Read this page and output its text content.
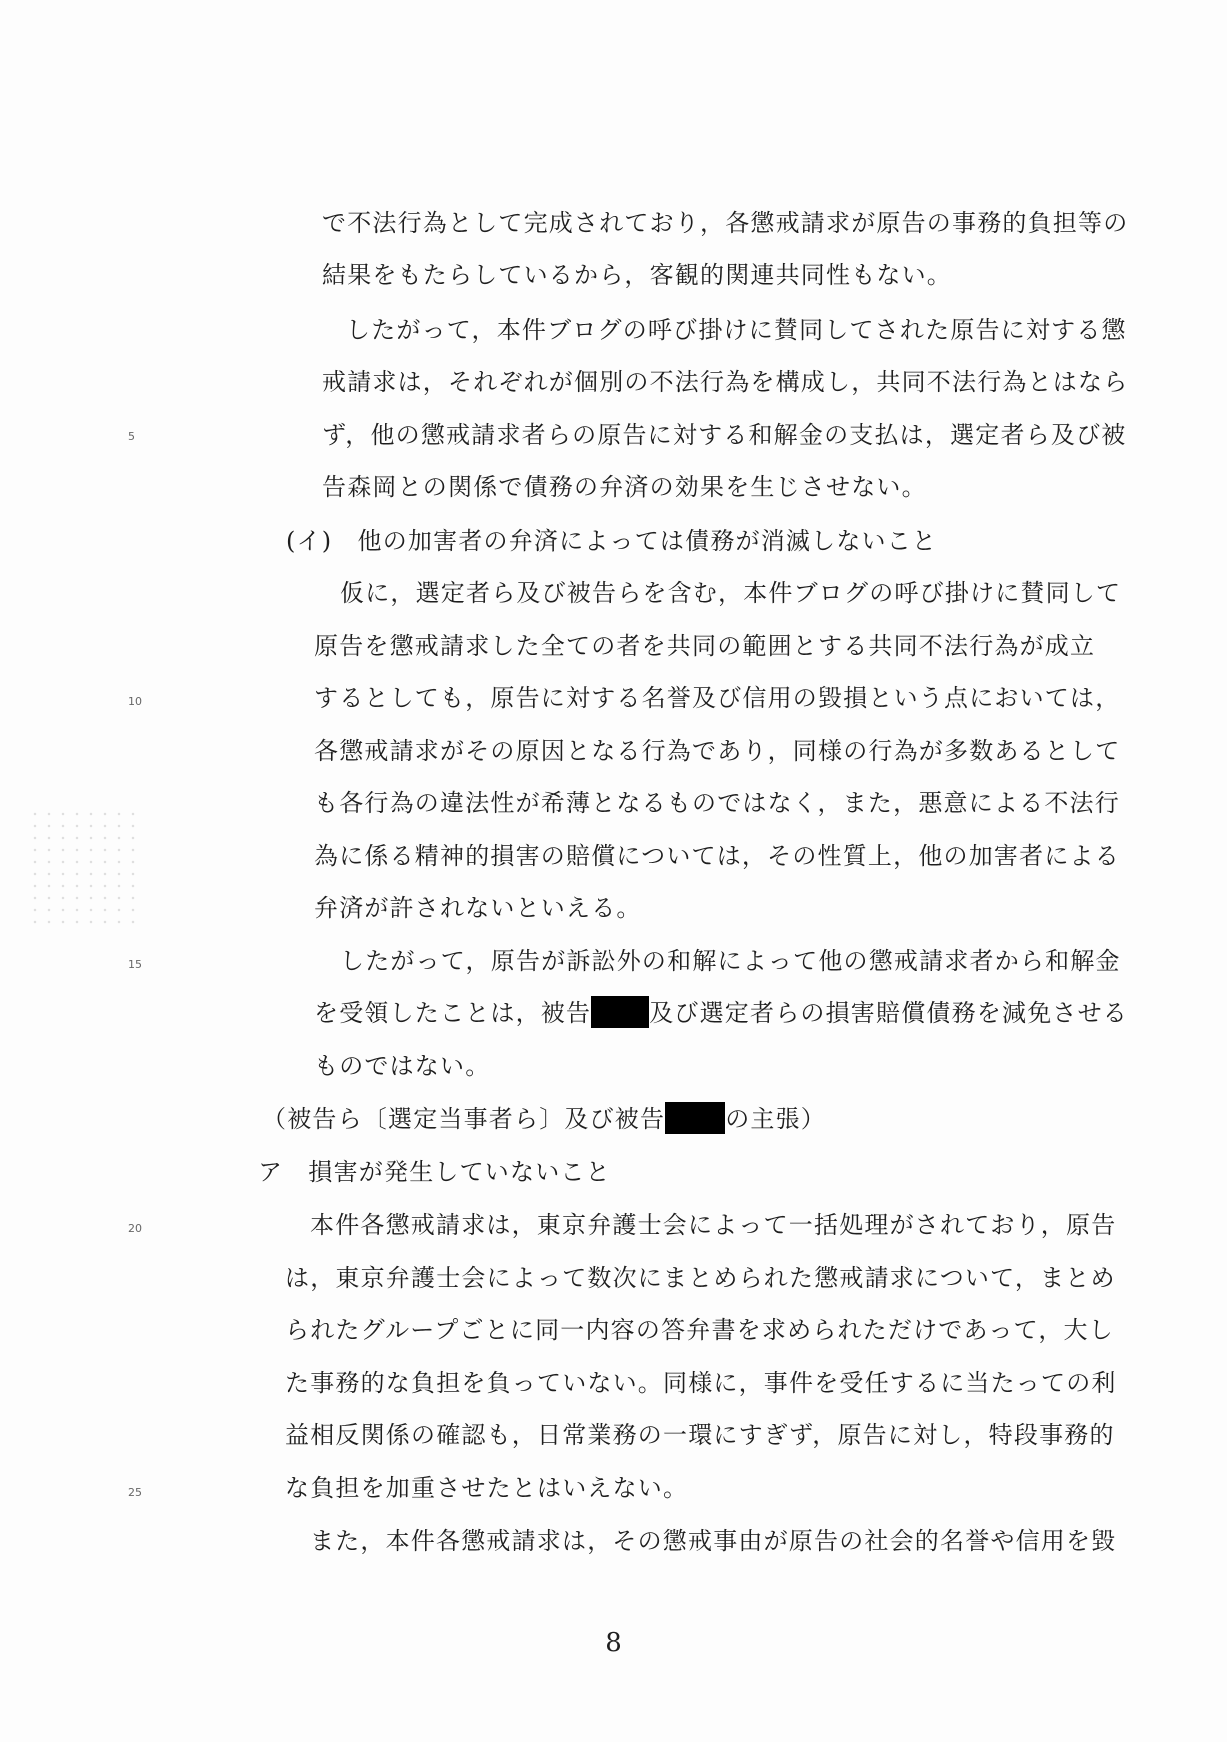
で不法行為として完成されており，各懲戒請求が原告の事務的負担等の
結果をもたらしているから，客観的関連共同性もない。
したがって，本件ブログの呼び掛けに賛同してされた原告に対する懲
戒請求は，それぞれが個別の不法行為を構成し，共同不法行為とはなら
ず，他の懲戒請求者らの原告に対する和解金の支払は，選定者ら及び被
告森岡との関係で債務の弁済の効果を生じさせない。
(イ)　他の加害者の弁済によっては債務が消滅しないこと
仮に，選定者ら及び被告らを含む，本件ブログの呼び掛けに賛同して
原告を懲戒請求した全ての者を共同の範囲とする共同不法行為が成立
するとしても，原告に対する名誉及び信用の毀損という点においては，
各懲戒請求がその原因となる行為であり，同様の行為が多数あるとして
も各行為の違法性が希薄となるものではなく，また，悪意による不法行
為に係る精神的損害の賠償については，その性質上，他の加害者による
弁済が許されないといえる。
したがって，原告が訴訟外の和解によって他の懲戒請求者から和解金
を受領したことは，被告 及び選定者らの損害賠償債務を減免させる
ものではない。
（被告ら〔選定当事者ら〕及び被告	の主張）
ア　損害が発生していないこと
本件各懲戒請求は，東京弁護士会によって一括処理がされており，原告
は，東京弁護士会によって数次にまとめられた懲戒請求について，まとめ
られたグループごとに同一内容の答弁書を求められただけであって，大し
た事務的な負担を負っていない。同様に，事件を受任するに当たっての利
益相反関係の確認も，日常業務の一環にすぎず，原告に対し，特段事務的
な負担を加重させたとはいえない。
また，本件各懲戒請求は，その懲戒事由が原告の社会的名誉や信用を毀
5
10
15
20
25
8
